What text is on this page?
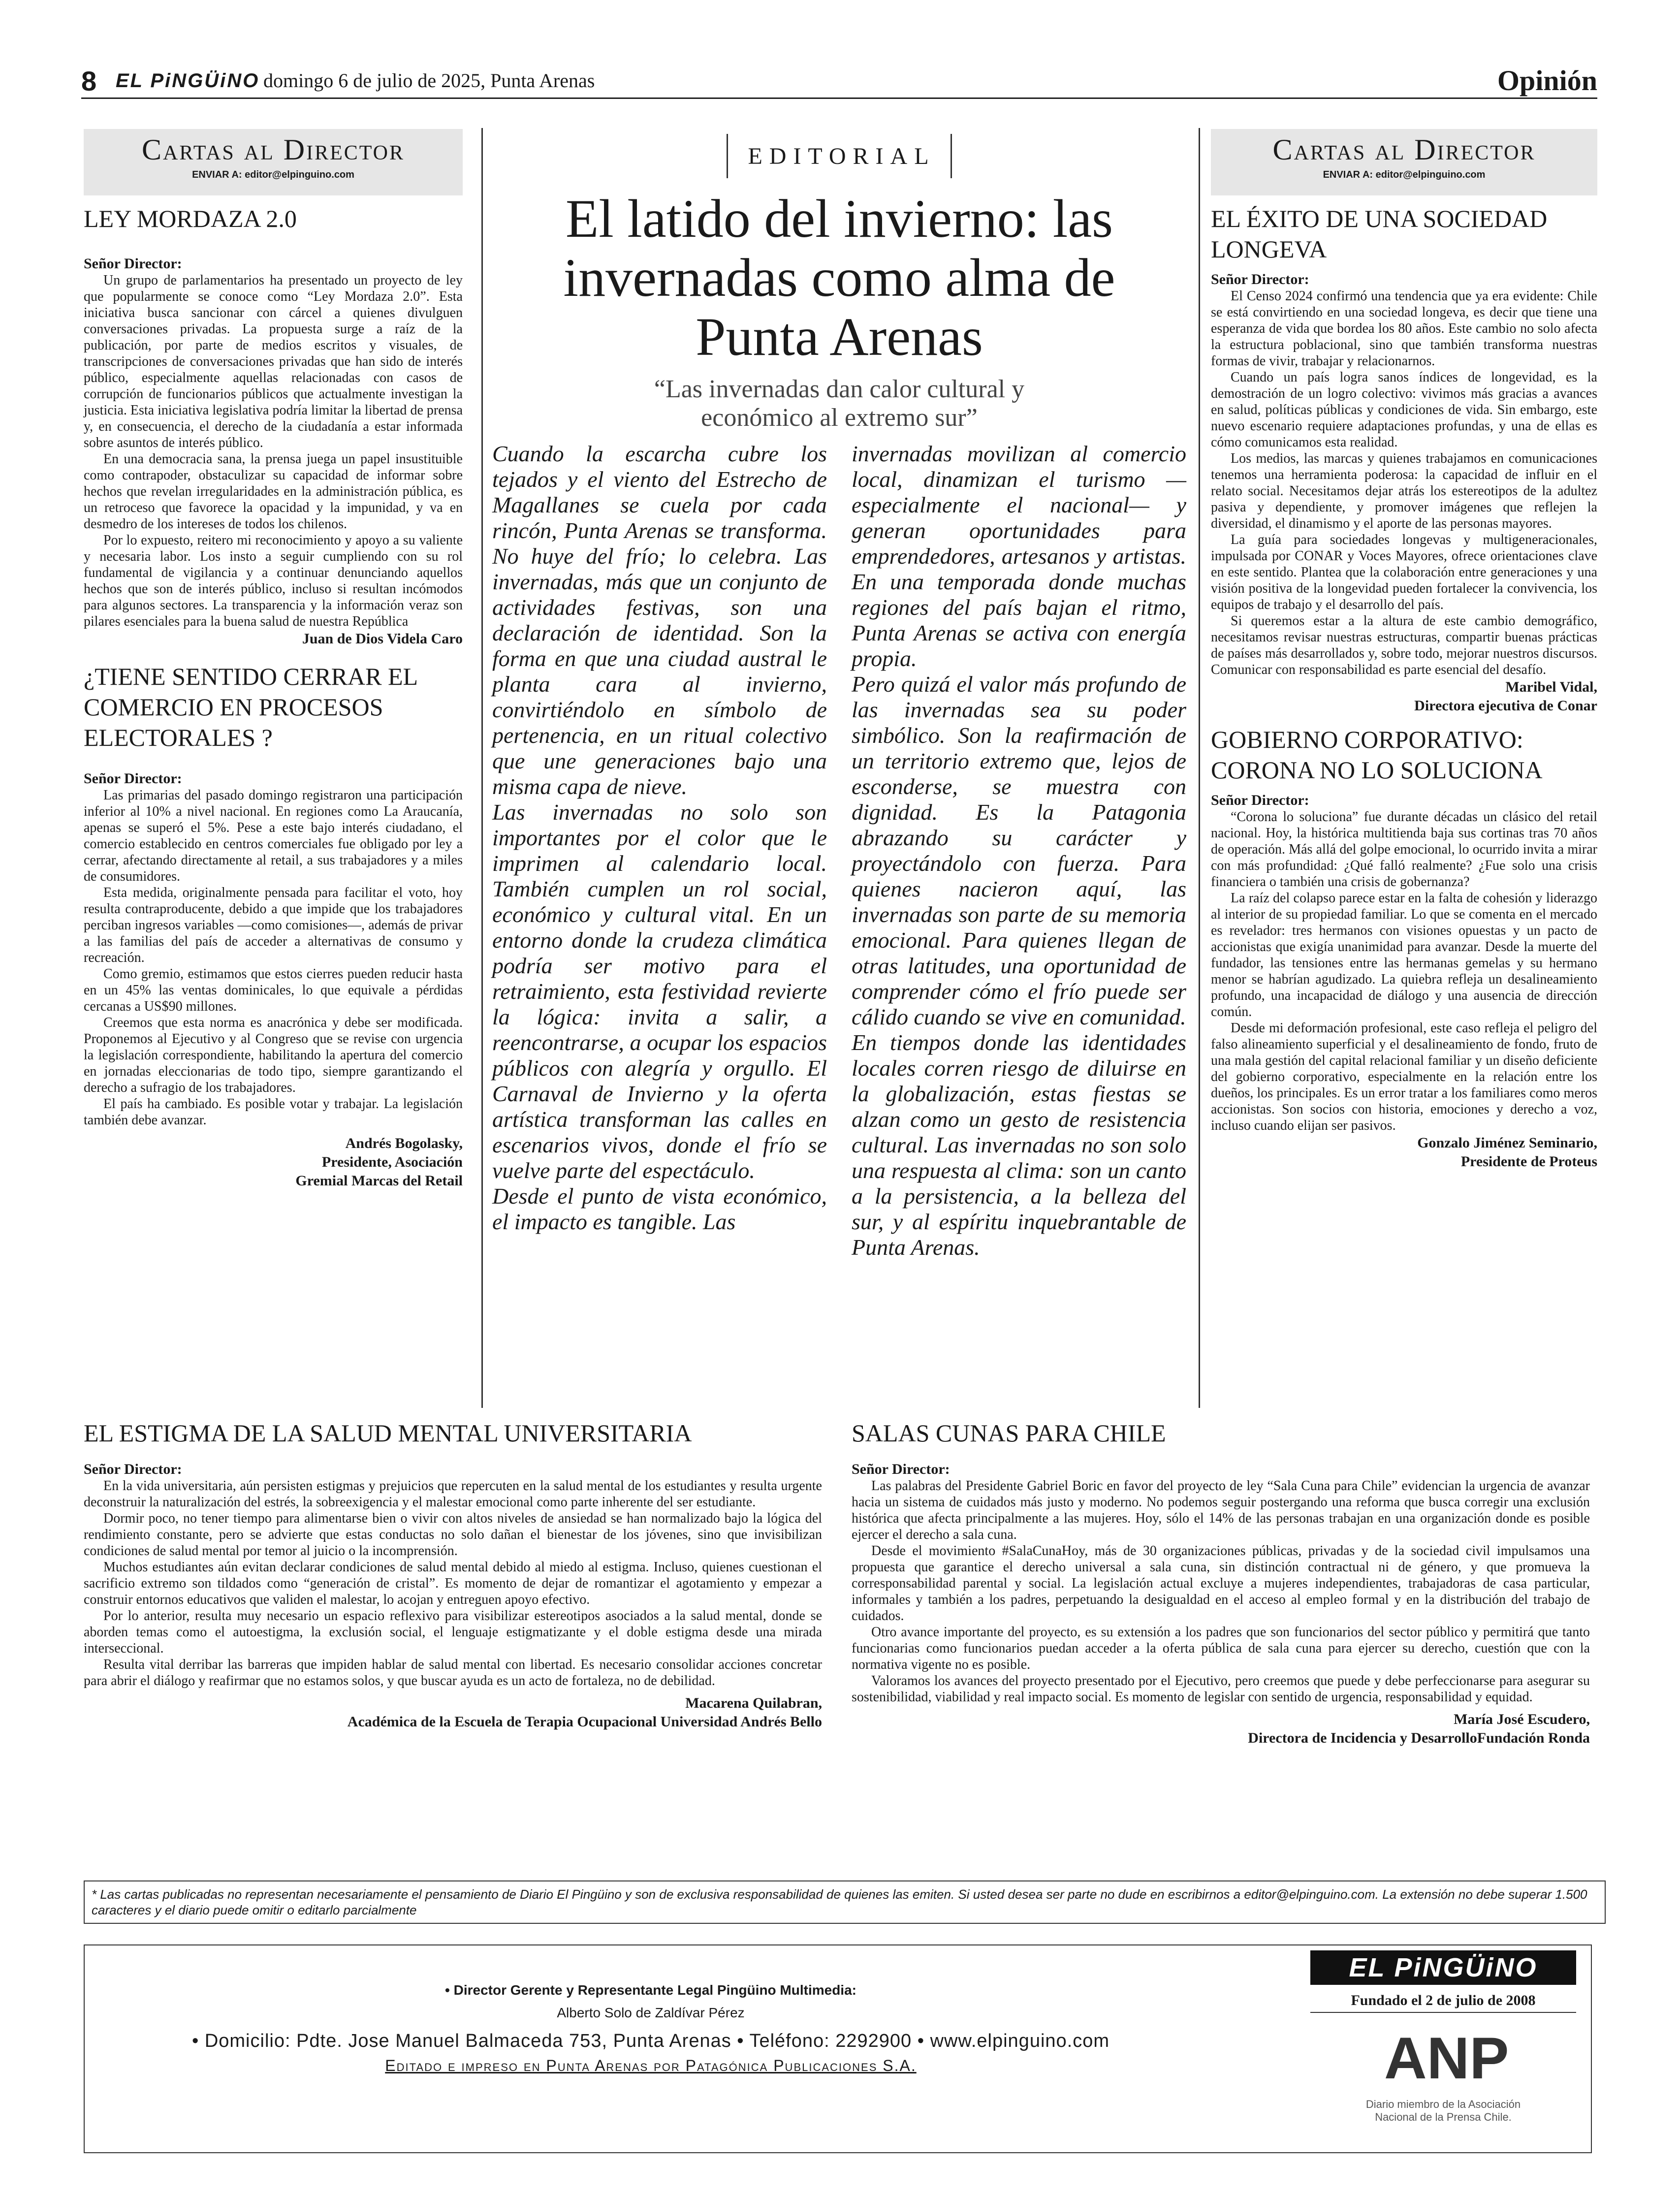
8 EL PiNGÜiNO domingo 6 de julio de 2025, Punta Arenas	Opinión
Cartas al Director
ENVIAR A: editor@elpinguino.com
LEY MORDAZA 2.0
Señor Director:

Un grupo de parlamentarios ha presentado un proyecto de ley que popularmente se conoce como “Ley Mordaza 2.0”. Esta iniciativa busca sancionar con cárcel a quienes divulguen conversaciones privadas. La propuesta surge a raíz de la publicación, por parte de medios escritos y visuales, de transcripciones de conversaciones privadas que han sido de interés público, especialmente aquellas relacionadas con casos de corrupción de funcionarios públicos que actualmente investigan la justicia. Esta iniciativa legislativa podría limitar la libertad de prensa y, en consecuencia, el derecho de la ciudadanía a estar informada sobre asuntos de interés público.

En una democracia sana, la prensa juega un papel insustituible como contrapoder, obstaculizar su capacidad de informar sobre hechos que revelan irregularidades en la administración pública, es un retroceso que favorece la opacidad y la impunidad, y va en desmedro de los intereses de todos los chilenos.

Por lo expuesto, reitero mi reconocimiento y apoyo a su valiente y necesaria labor. Los insto a seguir cumpliendo con su rol fundamental de vigilancia y a continuar denunciando aquellos hechos que son de interés público, incluso si resultan incómodos para algunos sectores. La transparencia y la información veraz son pilares esenciales para la buena salud de nuestra República

Juan de Dios Videla Caro
¿TIENE SENTIDO CERRAR EL COMERCIO EN PROCESOS ELECTORALES ?
Señor Director:

Las primarias del pasado domingo registraron una participación inferior al 10% a nivel nacional. En regiones como La Araucanía, apenas se superó el 5%. Pese a este bajo interés ciudadano, el comercio establecido en centros comerciales fue obligado por ley a cerrar, afectando directamente al retail, a sus trabajadores y a miles de consumidores.

Esta medida, originalmente pensada para facilitar el voto, hoy resulta contraproducente, debido a que impide que los trabajadores perciban ingresos variables —como comisiones—, además de privar a las familias del país de acceder a alternativas de consumo y recreación.

Como gremio, estimamos que estos cierres pueden reducir hasta en un 45% las ventas dominicales, lo que equivale a pérdidas cercanas a US$90 millones.

Creemos que esta norma es anacrónica y debe ser modificada. Proponemos al Ejecutivo y al Congreso que se revise con urgencia la legislación correspondiente, habilitando la apertura del comercio en jornadas eleccionarias de todo tipo, siempre garantizando el derecho a sufragio de los trabajadores.

El país ha cambiado. Es posible votar y trabajar. La legislación también debe avanzar.

Andrés Bogolasky,
Presidente, Asociación
Gremial Marcas del Retail
EDITORIAL
El latido del invierno: las invernadas como alma de Punta Arenas
“Las invernadas dan calor cultural y económico al extremo sur”

Cuando la escarcha cubre los tejados y el viento del Estrecho de Magallanes se cuela por cada rincón, Punta Arenas se transforma. No huye del frío; lo celebra. Las invernadas, más que un conjunto de actividades festivas, son una declaración de identidad. Son la forma en que una ciudad austral le planta cara al invierno, convirtiéndolo en símbolo de pertenencia, en un ritual colectivo que une generaciones bajo una misma capa de nieve.

Las invernadas no solo son importantes por el color que le imprimen al calendario local. También cumplen un rol social, económico y cultural vital. En un entorno donde la crudeza climática podría ser motivo para el retraimiento, esta festividad revierte la lógica: invita a salir, a reencontrarse, a ocupar los espacios públicos con alegría y orgullo. El Carnaval de Invierno y la oferta artística transforman las calles en escenarios vivos, donde el frío se vuelve parte del espectáculo.

Desde el punto de vista económico, el impacto es tangible. Las

invernadas movilizan al comercio local, dinamizan el turismo —especialmente el nacional— y generan oportunidades para emprendedores, artesanos y artistas. En una temporada donde muchas regiones del país bajan el ritmo, Punta Arenas se activa con energía propia.

Pero quizá el valor más profundo de las invernadas sea su poder simbólico. Son la reafirmación de un territorio extremo que, lejos de esconderse, se muestra con dignidad. Es la Patagonia abrazando su carácter y proyectándolo con fuerza. Para quienes nacieron aquí, las invernadas son parte de su memoria emocional. Para quienes llegan de otras latitudes, una oportunidad de comprender cómo el frío puede ser cálido cuando se vive en comunidad.

En tiempos donde las identidades locales corren riesgo de diluirse en la globalización, estas fiestas se alzan como un gesto de resistencia cultural. Las invernadas no son solo una respuesta al clima: son un canto a la persistencia, a la belleza del sur, y al espíritu inquebrantable de Punta Arenas.

Cartas al Director
ENVIAR A: editor@elpinguino.com
EL ÉXITO DE UNA SOCIEDAD LONGEVA
Señor Director:

El Censo 2024 confirmó una tendencia que ya era evidente: Chile se está convirtiendo en una sociedad longeva, es decir que tiene una esperanza de vida que bordea los 80 años. Este cambio no solo afecta la estructura poblacional, sino que también transforma nuestras formas de vivir, trabajar y relacionarnos.

Cuando un país logra sanos índices de longevidad, es la demostración de un logro colectivo: vivimos más gracias a avances en salud, políticas públicas y condiciones de vida. Sin embargo, este nuevo escenario requiere adaptaciones profundas, y una de ellas es cómo comunicamos esta realidad.

Los medios, las marcas y quienes trabajamos en comunicaciones tenemos una herramienta poderosa: la capacidad de influir en el relato social. Necesitamos dejar atrás los estereotipos de la adultez pasiva y dependiente, y promover imágenes que reflejen la diversidad, el dinamismo y el aporte de las personas mayores.

La guía para sociedades longevas y multigeneracionales, impulsada por CONAR y Voces Mayores, ofrece orientaciones clave en este sentido. Plantea que la colaboración entre generaciones y una visión positiva de la longevidad pueden fortalecer la convivencia, los equipos de trabajo y el desarrollo del país.

Si queremos estar a la altura de este cambio demográfico, necesitamos revisar nuestras estructuras, compartir buenas prácticas de países más desarrollados y, sobre todo, mejorar nuestros discursos. Comunicar con responsabilidad es parte esencial del desafío.

Maribel Vidal,
Directora ejecutiva de Conar
GOBIERNO CORPORATIVO: CORONA NO LO SOLUCIONA
Señor Director:

“Corona lo soluciona” fue durante décadas un clásico del retail nacional. Hoy, la histórica multitienda baja sus cortinas tras 70 años de operación. Más allá del golpe emocional, lo ocurrido invita a mirar con más profundidad: ¿Qué falló realmente? ¿Fue solo una crisis financiera o también una crisis de gobernanza?

La raíz del colapso parece estar en la falta de cohesión y liderazgo al interior de su propiedad familiar. Lo que se comenta en el mercado es revelador: tres hermanos con visiones opuestas y un pacto de accionistas que exigía unanimidad para avanzar. Desde la muerte del fundador, las tensiones entre las hermanas gemelas y su hermano menor se habrían agudizado. La quiebra refleja un desalineamiento profundo, una incapacidad de diálogo y una ausencia de dirección común.

Desde mi deformación profesional, este caso refleja el peligro del falso alineamiento superficial y el desalineamiento de fondo, fruto de una mala gestión del capital relacional familiar y un diseño deficiente del gobierno corporativo, especialmente en la relación entre los dueños, los principales. Es un error tratar a los familiares como meros accionistas. Son socios con historia, emociones y derecho a voz, incluso cuando elijan ser pasivos.

Gonzalo Jiménez Seminario,
Presidente de Proteus
EL ESTIGMA DE LA SALUD MENTAL UNIVERSITARIA
Señor Director:

En la vida universitaria, aún persisten estigmas y prejuicios que repercuten en la salud mental de los estudiantes y resulta urgente deconstruir la naturalización del estrés, la sobreexigencia y el malestar emocional como parte inherente del ser estudiante.

Dormir poco, no tener tiempo para alimentarse bien o vivir con altos niveles de ansiedad se han normalizado bajo la lógica del rendimiento constante, pero se advierte que estas conductas no solo dañan el bienestar de los jóvenes, sino que invisibilizan condiciones de salud mental por temor al juicio o la incomprensión.

Muchos estudiantes aún evitan declarar condiciones de salud mental debido al miedo al estigma. Incluso, quienes cuestionan el sacrificio extremo son tildados como “generación de cristal”. Es momento de dejar de romantizar el agotamiento y empezar a construir entornos educativos que validen el malestar, lo acojan y entreguen apoyo efectivo.

Por lo anterior, resulta muy necesario un espacio reflexivo para visibilizar estereotipos asociados a la salud mental, donde se aborden temas como el autoestigma, la exclusión social, el lenguaje estigmatizante y el doble estigma desde una mirada interseccional.

Resulta vital derribar las barreras que impiden hablar de salud mental con libertad. Es necesario consolidar acciones concretar para abrir el diálogo y reafirmar que no estamos solos, y que buscar ayuda es un acto de fortaleza, no de debilidad.

Macarena Quilabran,
Académica de la Escuela de Terapia Ocupacional Universidad Andrés Bello
SALAS CUNAS PARA CHILE
Señor Director:

Las palabras del Presidente Gabriel Boric en favor del proyecto de ley “Sala Cuna para Chile” evidencian la urgencia de avanzar hacia un sistema de cuidados más justo y moderno. No podemos seguir postergando una reforma que busca corregir una exclusión histórica que afecta principalmente a las mujeres. Hoy, sólo el 14% de las personas trabajan en una organización donde es posible ejercer el derecho a sala cuna.

Desde el movimiento #SalaCunaHoy, más de 30 organizaciones públicas, privadas y de la sociedad civil impulsamos una propuesta que garantice el derecho universal a sala cuna, sin distinción contractual ni de género, y que promueva la corresponsabilidad parental y social. La legislación actual excluye a mujeres independientes, trabajadoras de casa particular, informales y también a los padres, perpetuando la desigualdad en el acceso al empleo formal y en la distribución del trabajo de cuidados.

Otro avance importante del proyecto, es su extensión a los padres que son funcionarios del sector público y permitirá que tanto funcionarias como funcionarios puedan acceder a la oferta pública de sala cuna para ejercer su derecho, cuestión que con la normativa vigente no es posible.

Valoramos los avances del proyecto presentado por el Ejecutivo, pero creemos que puede y debe perfeccionarse para asegurar su sostenibilidad, viabilidad y real impacto social. Es momento de legislar con sentido de urgencia, responsabilidad y equidad.

María José Escudero,
Directora de Incidencia y DesarrolloFundación Ronda
* Las cartas publicadas no representan necesariamente el pensamiento de Diario El Pingüino y son de exclusiva responsabilidad de quienes las emiten. Si usted desea ser parte no dude en escribirnos a editor@elpinguino.com. La extensión no debe superar 1.500 caracteres y el diario puede omitir o editarlo parcialmente
• Director Gerente y Representante Legal Pingüino Multimedia:
Alberto Solo de Zaldívar Pérez
• Domicilio: Pdte. Jose Manuel Balmaceda 753, Punta Arenas • Teléfono: 2292900 • www.elpinguino.com
Editado e impreso en Punta Arenas por Patagónica Publicaciones S.A.
EL PiNGÜiNO
Fundado el 2 de julio de 2008
ANP
Diario miembro de la Asociación Nacional de la Prensa Chile.
